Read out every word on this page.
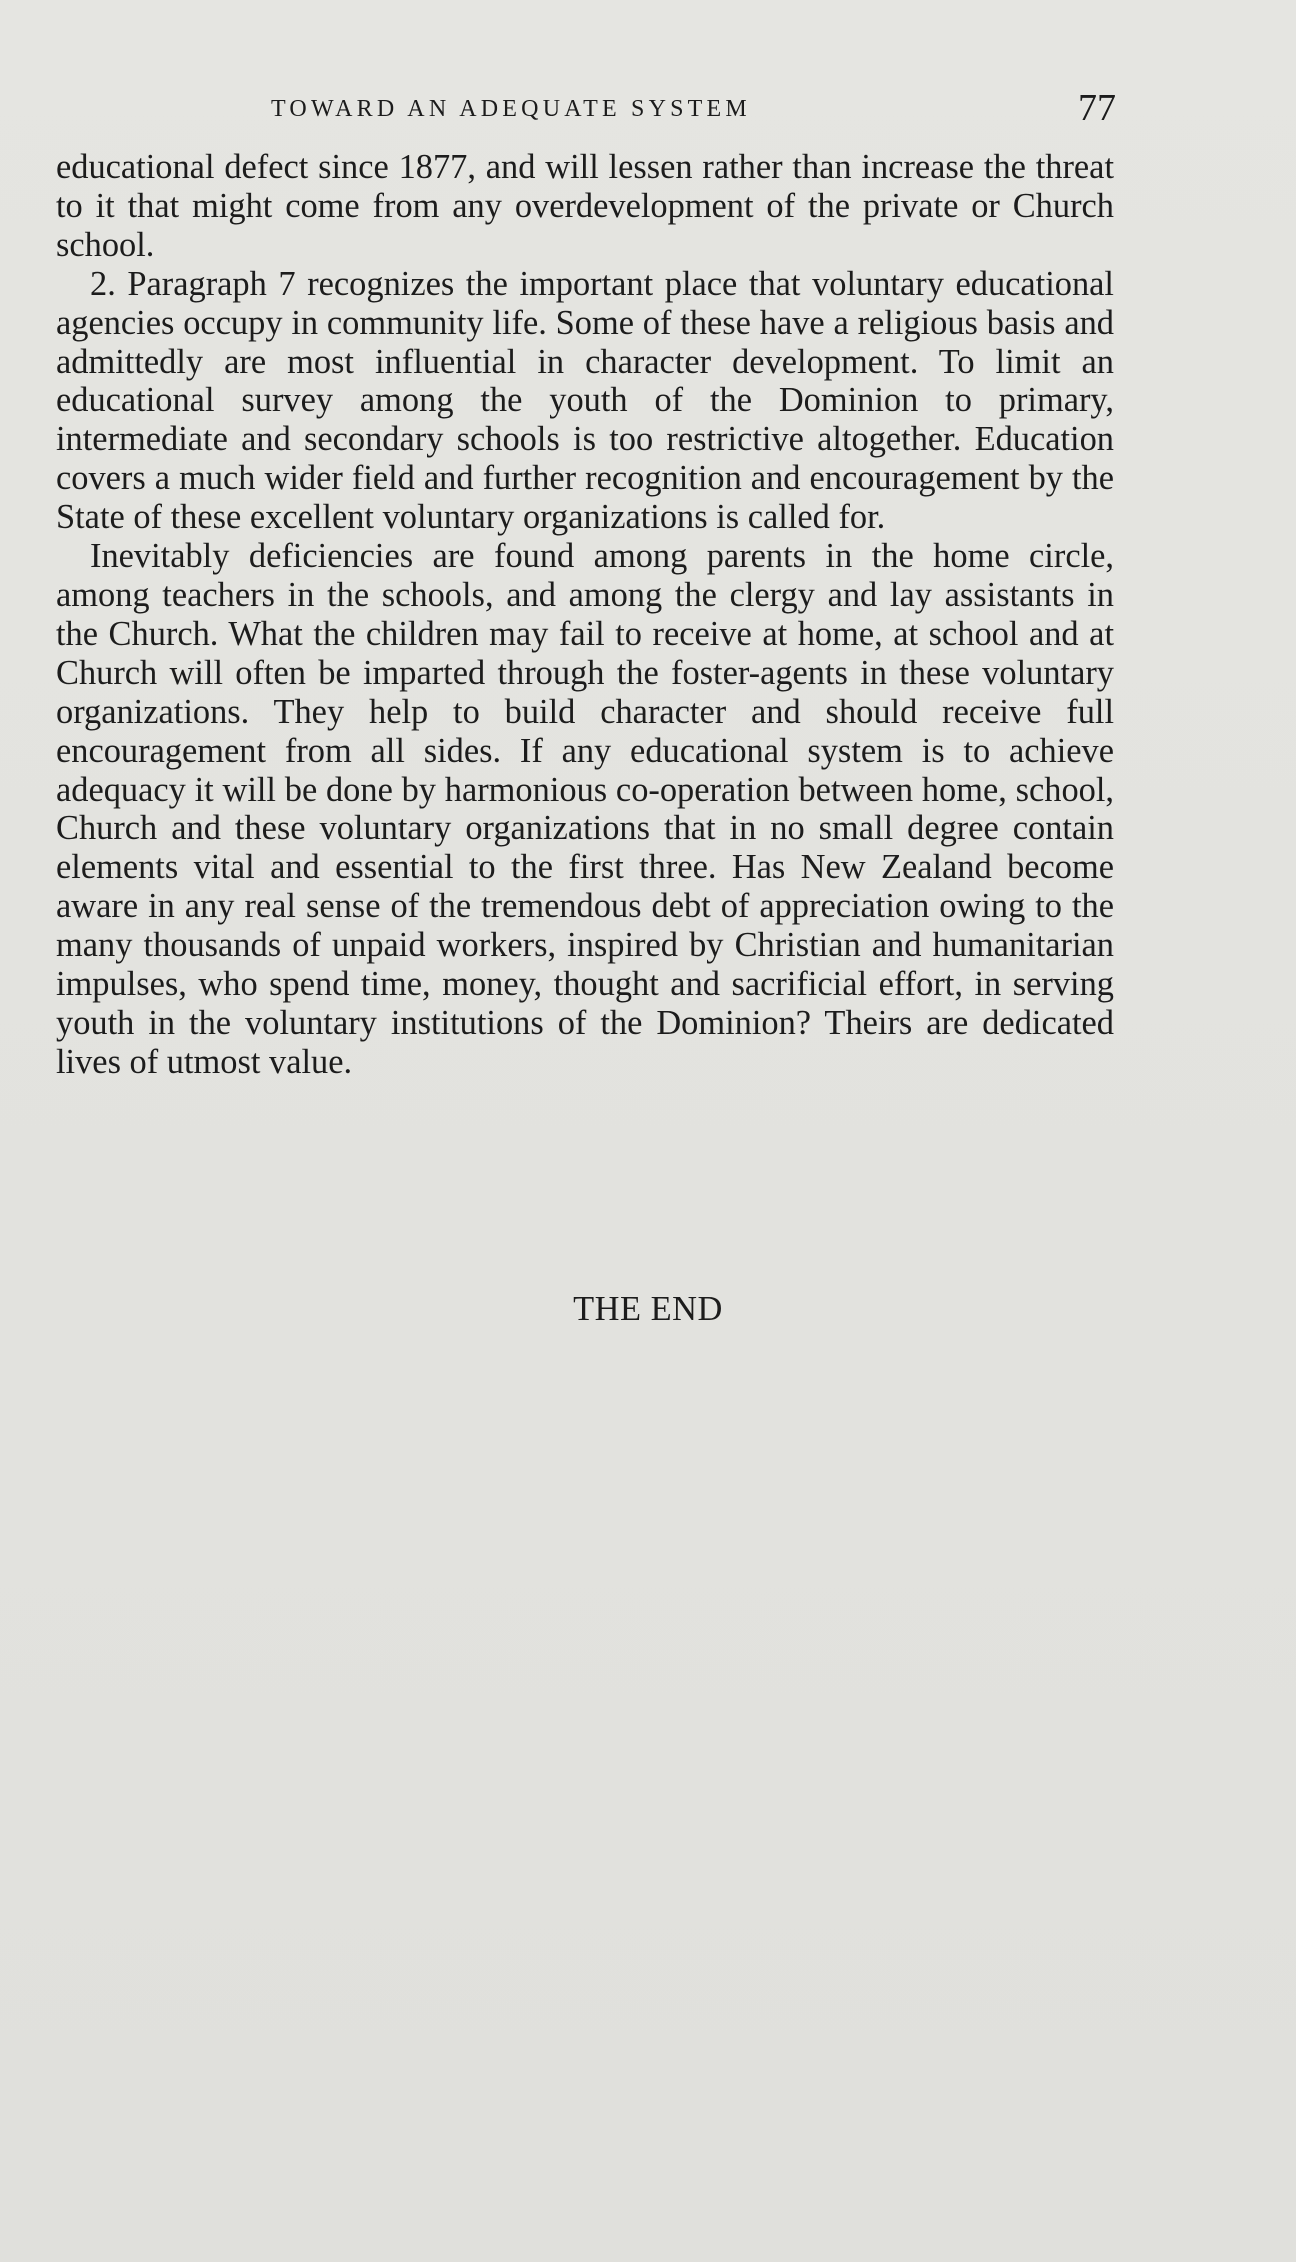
TOWARD AN ADEQUATE SYSTEM	77

educational defect since 1877, and will lessen rather than increase the threat to it that might come from any overdevelopment of the private or Church school.

2. Paragraph 7 recognizes the important place that voluntary educational agencies occupy in community life. Some of these have a religious basis and admittedly are most influential in character development. To limit an educational survey among the youth of the Dominion to primary, intermediate and secondary schools is too restrictive altogether. Education covers a much wider field and further recognition and encouragement by the State of these excellent voluntary organizations is called for.

Inevitably deficiencies are found among parents in the home circle, among teachers in the schools, and among the clergy and lay assistants in the Church. What the children may fail to receive at home, at school and at Church will often be imparted through the foster-agents in these voluntary organizations. They help to build character and should receive full encouragement from all sides. If any educational system is to achieve adequacy it will be done by harmonious co-operation between home, school, Church and these voluntary organizations that in no small degree contain elements vital and essential to the first three. Has New Zealand become aware in any real sense of the tremendous debt of appreciation owing to the many thousands of unpaid workers, inspired by Christian and humanitarian impulses, who spend time, money, thought and sacrificial effort, in serving youth in the voluntary institutions of the Dominion? Theirs are dedicated lives of utmost value.

THE END
